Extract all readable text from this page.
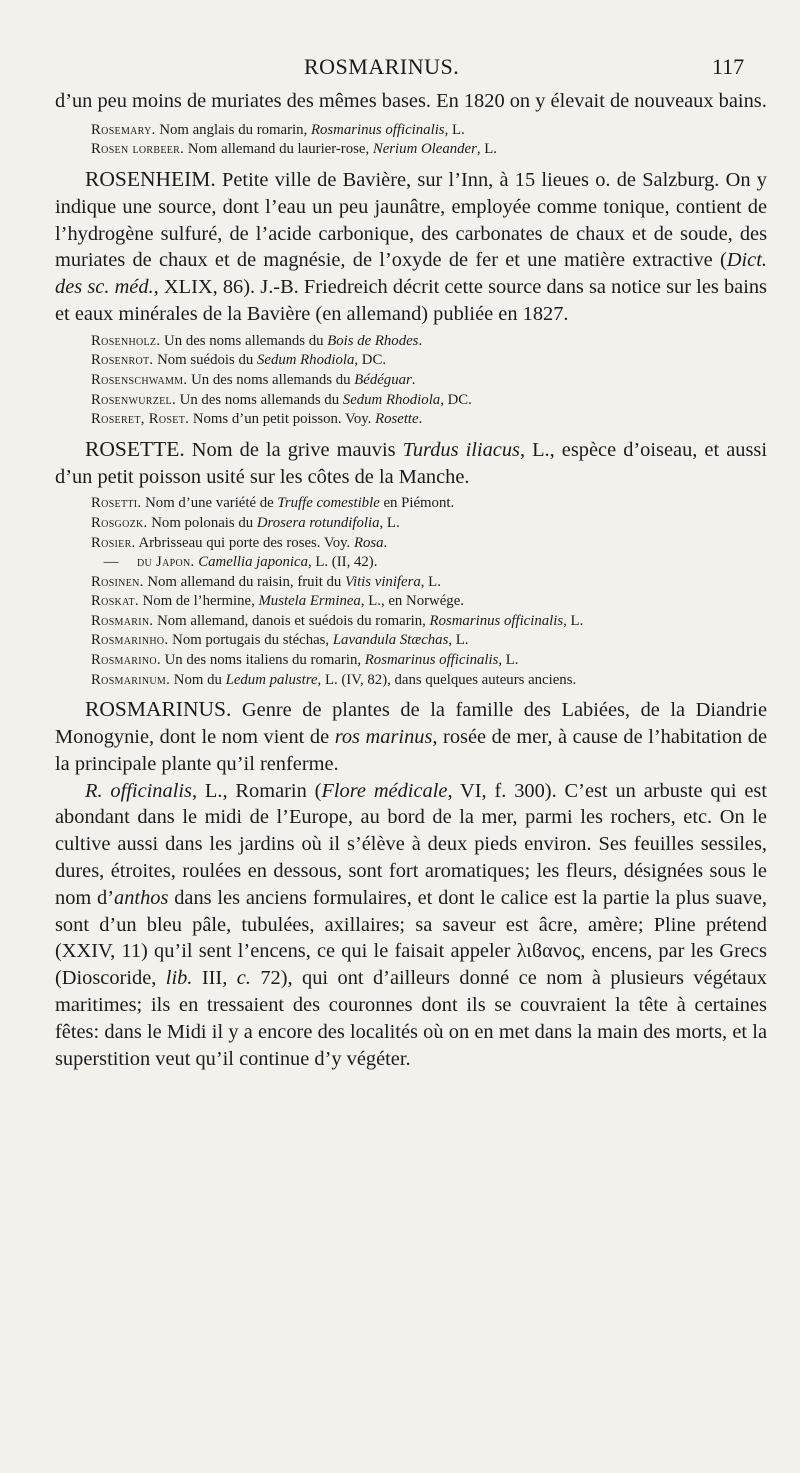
ROSMARINUS.	117

d’un peu moins de muriates des mêmes bases. En 1820 on y élevait de nouveaux bains.

Rosemary. Nom anglais du romarin, Rosmarinus officinalis, L.

Rosen lorbeer. Nom allemand du laurier-rose, Nerium Oleander, L.

ROSENHEIM. Petite ville de Bavière, sur l’Inn, à 15 lieues o. de Salzburg. On y indique une source, dont l’eau un peu jaunâtre, employée comme tonique, contient de l’hydrogène sulfuré, de l’acide carbonique, des carbonates de chaux et de soude, des muriates de chaux et de magnésie, de l’oxyde de fer et une matière extractive (Dict. des sc. méd., XLIX, 86). J.-B. Friedreich décrit cette source dans sa notice sur les bains et eaux minérales de la Bavière (en allemand) publiée en 1827.

Rosenholz. Un des noms allemands du Bois de Rhodes.

Rosenrot. Nom suédois du Sedum Rhodiola, DC.

Rosenschwamm. Un des noms allemands du Bédéguar.

Rosenwurzel. Un des noms allemands du Sedum Rhodiola, DC.

Roseret, Roset. Noms d’un petit poisson. Voy. Rosette.

ROSETTE. Nom de la grive mauvis Turdus iliacus, L., espèce d’oiseau, et aussi d’un petit poisson usité sur les côtes de la Manche.

Rosetti. Nom d’une variété de Truffe comestible en Piémont.

Rosgozk. Nom polonais du Drosera rotundifolia, L.

Rosier. Arbrisseau qui porte des roses. Voy. Rosa.

— du Japon. Camellia japonica, L. (II, 42).

Rosinen. Nom allemand du raisin, fruit du Vitis vinifera, L.

Roskat. Nom de l’hermine, Mustela Erminea, L., en Norwége.

Rosmarin. Nom allemand, danois et suédois du romarin, Rosmarinus officinalis, L.

Rosmarinho. Nom portugais du stéchas, Lavandula Stæchas, L.

Rosmarino. Un des noms italiens du romarin, Rosmarinus officinalis, L.

Rosmarinum. Nom du Ledum palustre, L. (IV, 82), dans quelques auteurs anciens.

ROSMARINUS. Genre de plantes de la famille des Labiées, de la Diandrie Monogynie, dont le nom vient de ros marinus, rosée de mer, à cause de l’habitation de la principale plante qu’il renferme.

R. officinalis, L., Romarin (Flore médicale, VI, f. 300). C’est un arbuste qui est abondant dans le midi de l’Europe, au bord de la mer, parmi les rochers, etc. On le cultive aussi dans les jardins où il s’élève à deux pieds environ. Ses feuilles sessiles, dures, étroites, roulées en dessous, sont fort aromatiques; les fleurs, désignées sous le nom d’anthos dans les anciens formulaires, et dont le calice est la partie la plus suave, sont d’un bleu pâle, tubulées, axillaires; sa saveur est âcre, amère; Pline prétend (XXIV, 11) qu’il sent l’encens, ce qui le faisait appeler λιϐανος, encens, par les Grecs (Dioscoride, lib. III, c. 72), qui ont d’ailleurs donné ce nom à plusieurs végétaux maritimes; ils en tressaient des couronnes dont ils se couvraient la tête à certaines fêtes: dans le Midi il y a encore des localités où on en met dans la main des morts, et la superstition veut qu’il continue d’y végéter.
